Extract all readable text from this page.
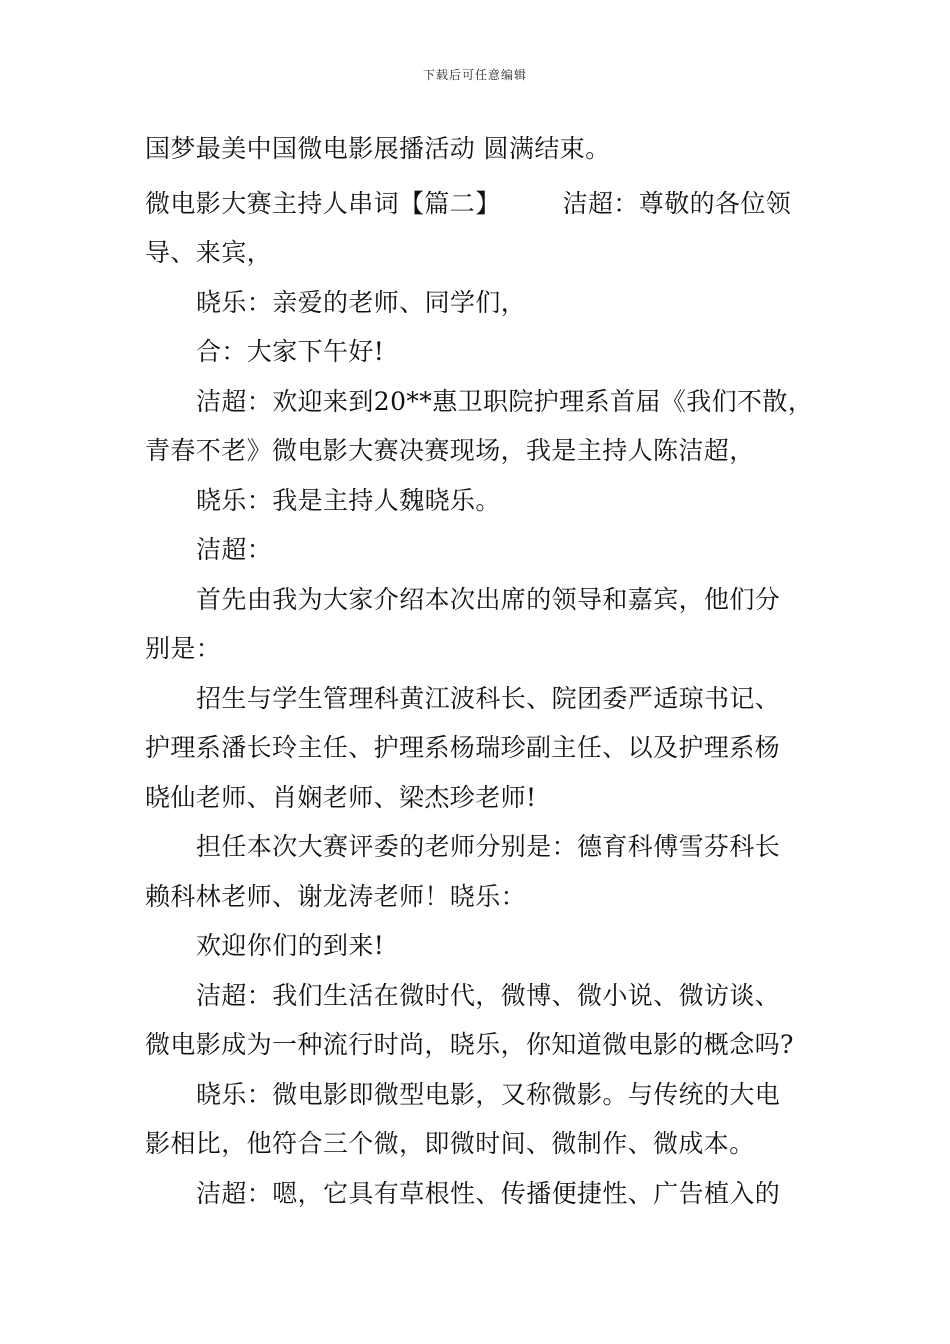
下载后可任意编辑
国梦最美中国微电影展播活动 圆满结束。
微电影大赛主持人串词【篇二】 洁超：尊敬的各位领
导、来宾，
晓乐：亲爱的老师、同学们，
合：大家下午好!
洁超：欢迎来到20**惠卫职院护理系首届《我们不散，
青春不老》微电影大赛决赛现场，我是主持人陈洁超，
晓乐：我是主持人魏晓乐。
洁超：
首先由我为大家介绍本次出席的领导和嘉宾，他们分
别是：
招生与学生管理科黄江波科长、院团委严适琼书记、
护理系潘长玲主任、护理系杨瑞珍副主任、以及护理系杨
晓仙老师、肖娴老师、梁杰珍老师!
担任本次大赛评委的老师分别是：德育科傅雪芬科长
赖科林老师、谢龙涛老师！晓乐：
欢迎你们的到来!
洁超：我们生活在微时代，微博、微小说、微访谈、
微电影成为一种流行时尚，晓乐，你知道微电影的概念吗?
晓乐：微电影即微型电影，又称微影。与传统的大电
影相比，他符合三个微，即微时间、微制作、微成本。
洁超：嗯，它具有草根性、传播便捷性、广告植入的
